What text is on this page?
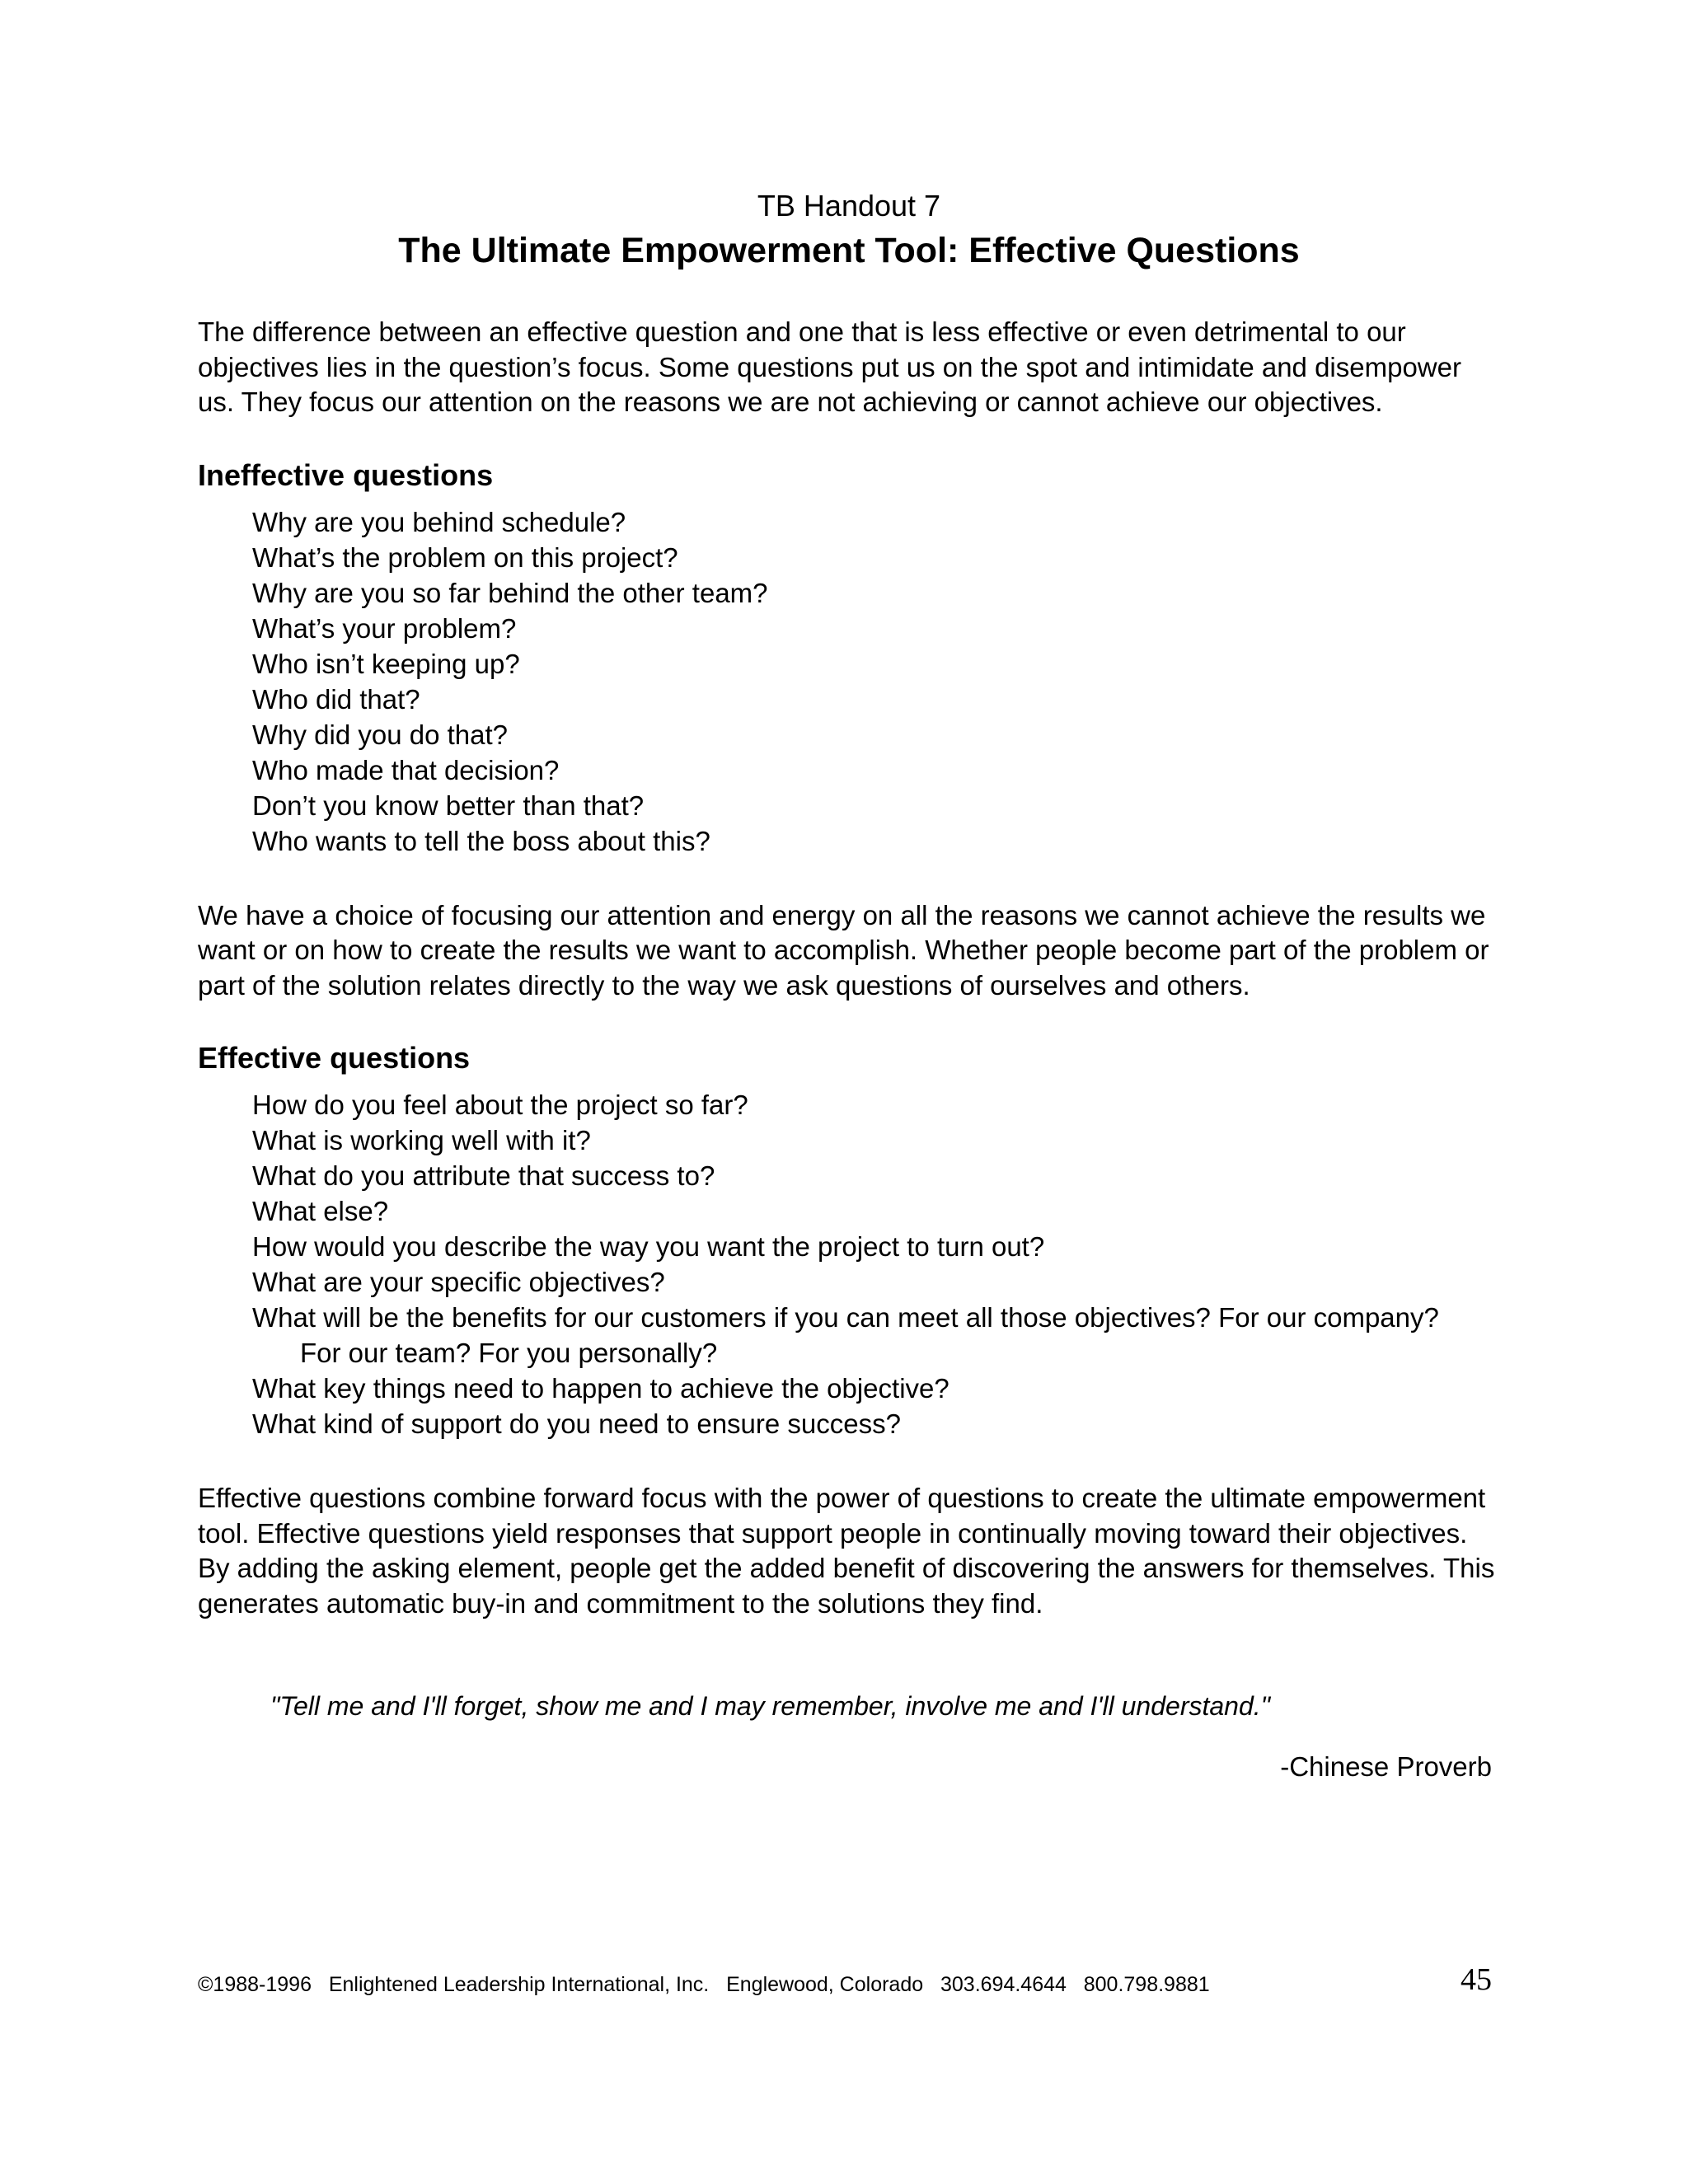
TB Handout 7

The Ultimate Empowerment Tool: Effective Questions

The difference between an effective question and one that is less effective or even detrimental to our objectives lies in the question’s focus. Some questions put us on the spot and intimidate and disempower us. They focus our attention on the reasons we are not achieving or cannot achieve our objectives.

Ineffective questions
Why are you behind schedule?
What’s the problem on this project?
Why are you so far behind the other team?
What’s your problem?
Who isn’t keeping up?
Who did that?
Why did you do that?
Who made that decision?
Don’t you know better than that?
Who wants to tell the boss about this?

We have a choice of focusing our attention and energy on all the reasons we cannot achieve the results we want or on how to create the results we want to accomplish. Whether people become part of the problem or part of the solution relates directly to the way we ask questions of ourselves and others.

Effective questions
How do you feel about the project so far?
What is working well with it?
What do you attribute that success to?
What else?
How would you describe the way you want the project to turn out?
What are your specific objectives?
What will be the benefits for our customers if you can meet all those objectives? For our company?
For our team? For you personally?
What key things need to happen to achieve the objective?
What kind of support do you need to ensure success?

Effective questions combine forward focus with the power of questions to create the ultimate empowerment tool. Effective questions yield responses that support people in continually moving toward their objectives. By adding the asking element, people get the added benefit of discovering the answers for themselves. This generates automatic buy-in and commitment to the solutions they find.

"Tell me and I'll forget, show me and I may remember, involve me and I'll understand."

-Chinese Proverb

©1988-1996   Enlightened Leadership International, Inc.   Englewood, Colorado   303.694.4644   800.798.9881	45
